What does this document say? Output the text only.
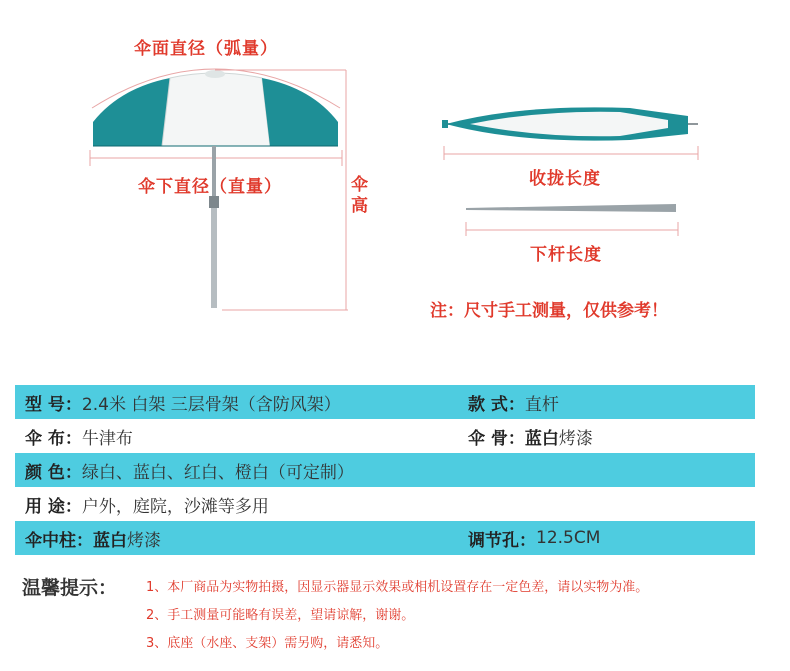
伞面直径（弧量）
伞下直径（直量）	伞
高
收拢长度
下杆长度
注：尺寸手工测量，仅供参考！
型 号： 2.4米 白架 三层骨架（含防风架）	款 式： 直杆
伞 布： 牛津布	伞 骨： 蓝白烤漆
颜 色： 绿白、蓝白、红白、橙白（可定制）
用 途： 户外，庭院，沙滩等多用
伞中柱： 蓝白烤漆	调节孔： 12.5CM
温馨提示： 1、本厂商品为实物拍摄，因显示器显示效果或相机设置存在一定色差，请以实物为准。
2、手工测量可能略有误差，望请谅解，谢谢。
3、底座（水座、支架）需另购，请悉知。
